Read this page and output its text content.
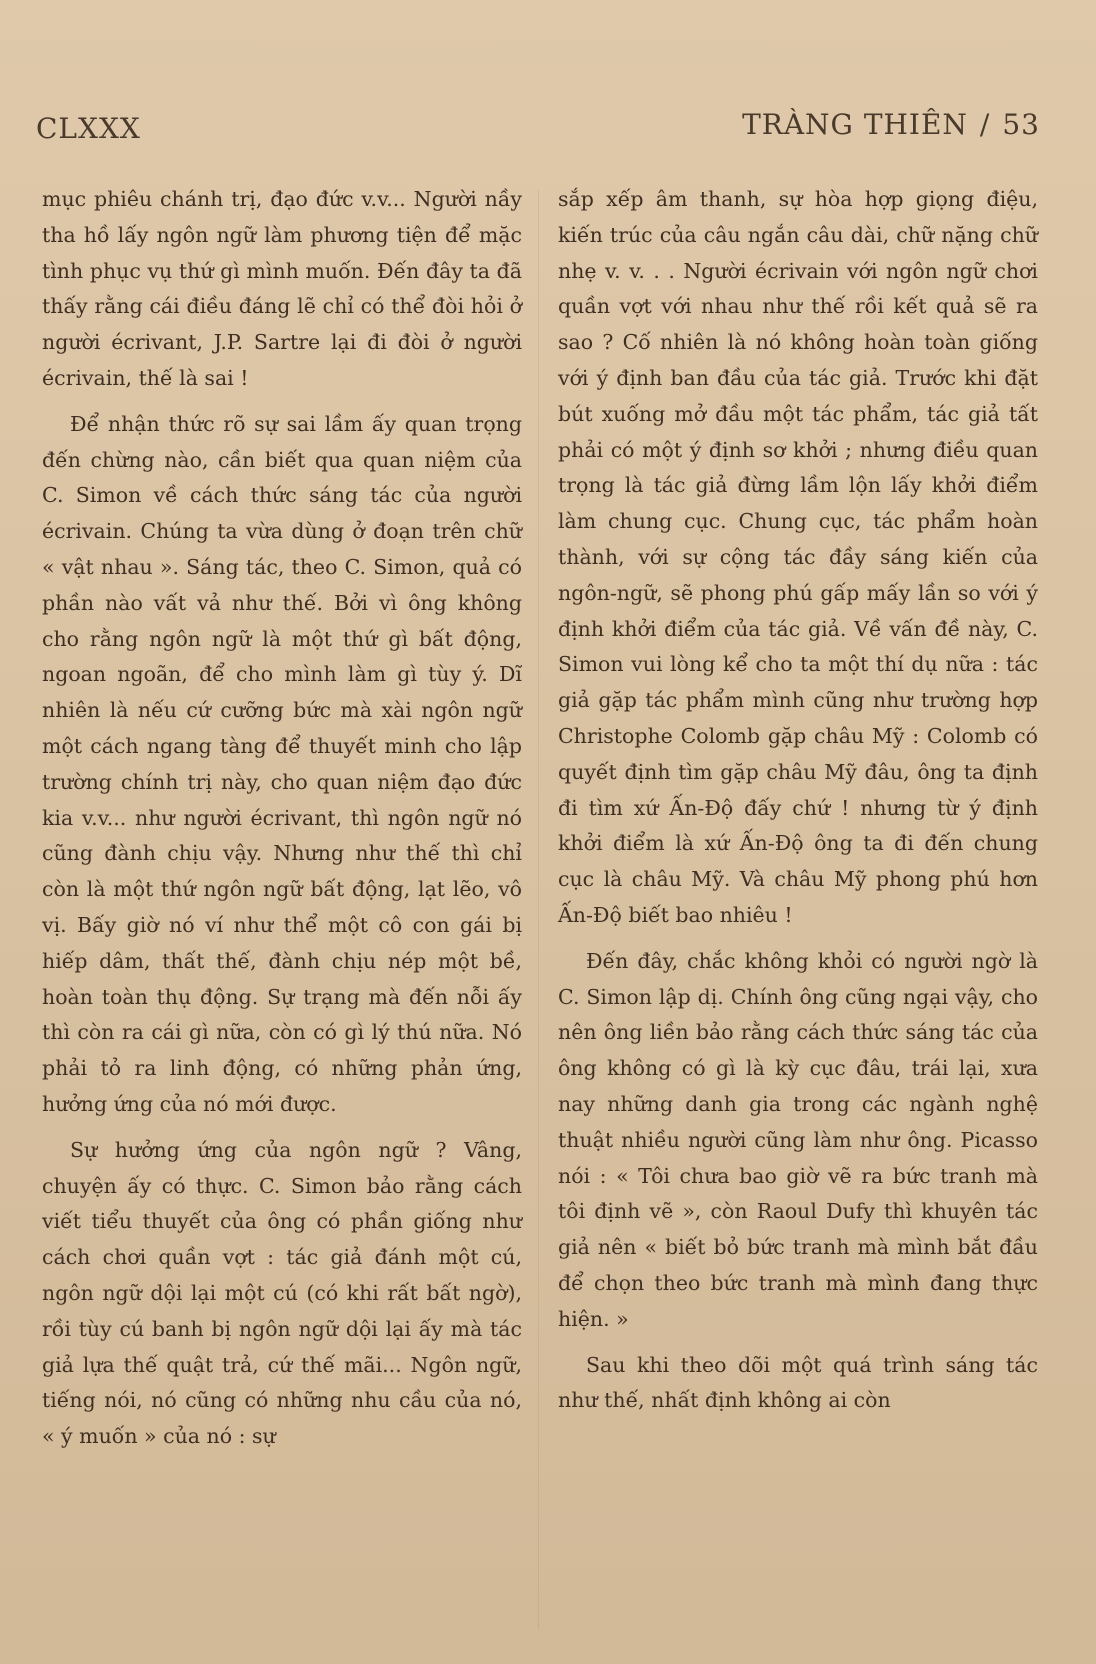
CLXXX	TRÀNG THIÊN / 53

mục phiêu chánh trị, đạo đức v.v... Người nầy tha hồ lấy ngôn ngữ làm phương tiện để mặc tình phục vụ thứ gì mình muốn. Đến đây ta đã thấy rằng cái điều đáng lẽ chỉ có thể đòi hỏi ở người écrivant, J.P. Sartre lại đi đòi ở người écrivain, thế là sai !

Để nhận thức rõ sự sai lầm ấy quan trọng đến chừng nào, cần biết qua quan niệm của C. Simon về cách thức sáng tác của người écrivain. Chúng ta vừa dùng ở đoạn trên chữ « vật nhau ». Sáng tác, theo C. Simon, quả có phần nào vất vả như thế. Bởi vì ông không cho rằng ngôn ngữ là một thứ gì bất động, ngoan ngoãn, để cho mình làm gì tùy ý. Dĩ nhiên là nếu cứ cưỡng bức mà xài ngôn ngữ một cách ngang tàng để thuyết minh cho lập trường chính trị này, cho quan niệm đạo đức kia v.v... như người écrivant, thì ngôn ngữ nó cũng đành chịu vậy. Nhưng như thế thì chỉ còn là một thứ ngôn ngữ bất động, lạt lẽo, vô vị. Bấy giờ nó ví như thể một cô con gái bị hiếp dâm, thất thế, đành chịu nép một bề, hoàn toàn thụ động. Sự trạng mà đến nỗi ấy thì còn ra cái gì nữa, còn có gì lý thú nữa. Nó phải tỏ ra linh động, có những phản ứng, hưởng ứng của nó mới được.

Sự hưởng ứng của ngôn ngữ ? Vâng, chuyện ấy có thực. C. Simon bảo rằng cách viết tiểu thuyết của ông có phần giống như cách chơi quần vợt : tác giả đánh một cú, ngôn ngữ dội lại một cú (có khi rất bất ngờ), rồi tùy cú banh bị ngôn ngữ dội lại ấy mà tác giả lựa thế quật trả, cứ thế mãi... Ngôn ngữ, tiếng nói, nó cũng có những nhu cầu của nó, « ý muốn » của nó : sự

sắp xếp âm thanh, sự hòa hợp giọng điệu, kiến trúc của câu ngắn câu dài, chữ nặng chữ nhẹ v. v. . . Người écrivain với ngôn ngữ chơi quần vợt với nhau như thế rồi kết quả sẽ ra sao ? Cố nhiên là nó không hoàn toàn giống với ý định ban đầu của tác giả. Trước khi đặt bút xuống mở đầu một tác phẩm, tác giả tất phải có một ý định sơ khởi ; nhưng điều quan trọng là tác giả đừng lầm lộn lấy khởi điểm làm chung cục. Chung cục, tác phẩm hoàn thành, với sự cộng tác đầy sáng kiến của ngôn-ngữ, sẽ phong phú gấp mấy lần so với ý định khởi điểm của tác giả. Về vấn đề này, C. Simon vui lòng kể cho ta một thí dụ nữa : tác giả gặp tác phẩm mình cũng như trường hợp Christophe Colomb gặp châu Mỹ : Colomb có quyết định tìm gặp châu Mỹ đâu, ông ta định đi tìm xứ Ấn-Độ đấy chứ ! nhưng từ ý định khởi điểm là xứ Ấn-Độ ông ta đi đến chung cục là châu Mỹ. Và châu Mỹ phong phú hơn Ấn-Độ biết bao nhiêu !

Đến đây, chắc không khỏi có người ngờ là C. Simon lập dị. Chính ông cũng ngại vậy, cho nên ông liền bảo rằng cách thức sáng tác của ông không có gì là kỳ cục đâu, trái lại, xưa nay những danh gia trong các ngành nghệ thuật nhiều người cũng làm như ông. Picasso nói : « Tôi chưa bao giờ vẽ ra bức tranh mà tôi định vẽ », còn Raoul Dufy thì khuyên tác giả nên « biết bỏ bức tranh mà mình bắt đầu để chọn theo bức tranh mà mình đang thực hiện. »

Sau khi theo dõi một quá trình sáng tác như thế, nhất định không ai còn
